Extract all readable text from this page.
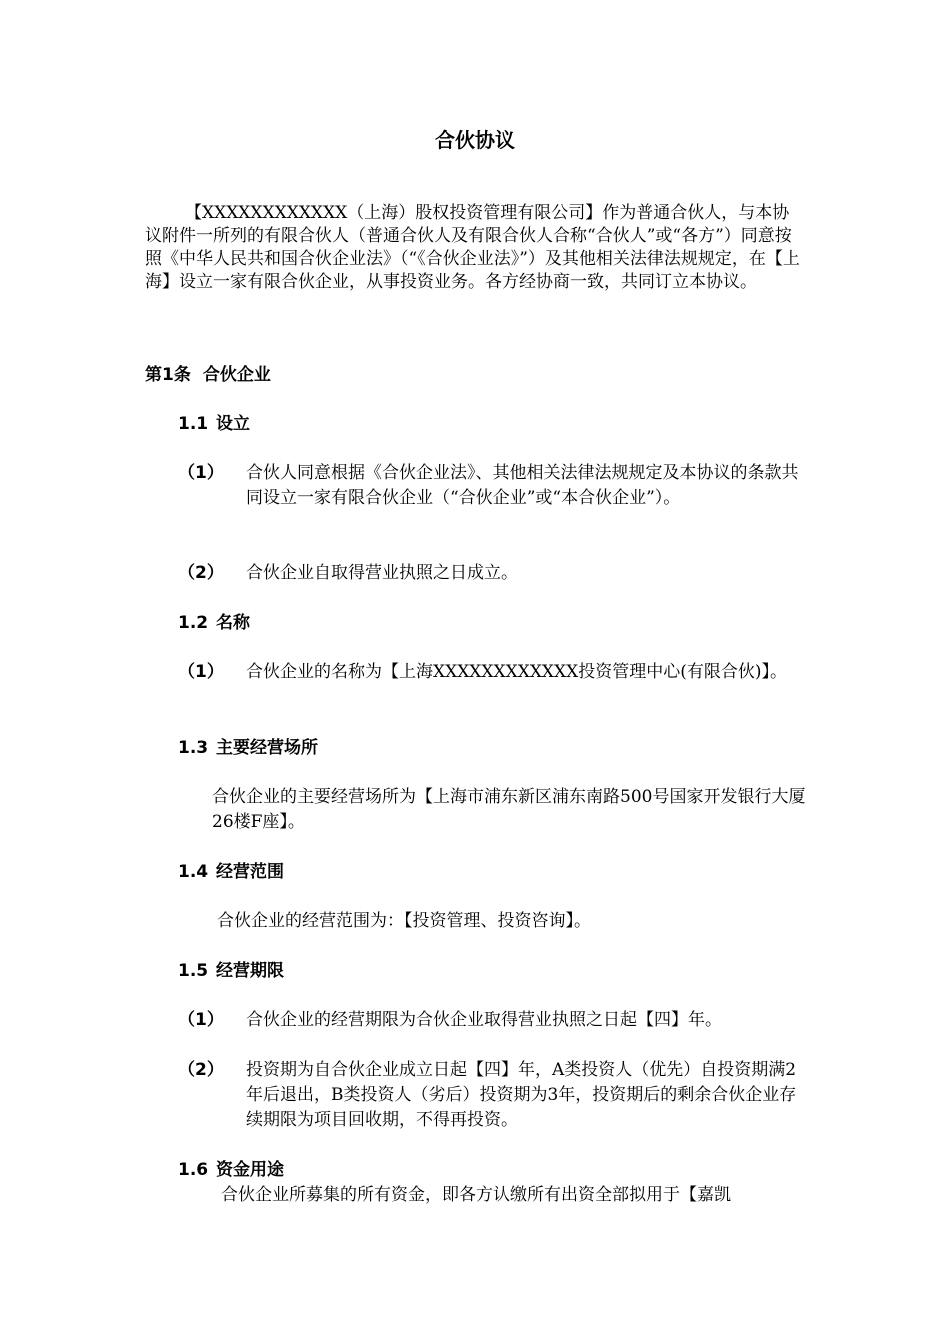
合伙协议

【XXXXXXXXXXXX（上海）股权投资管理有限公司】作为普通合伙人，与本协议附件一所列的有限合伙人（普通合伙人及有限合伙人合称“合伙人”或“各方”）同意按照《中华人民共和国合伙企业法》（“《合伙企业法》”）及其他相关法律法规规定，在【上海】设立一家有限合伙企业，从事投资业务。各方经协商一致，共同订立本协议。

第1条 合伙企业
1.1 设立
（1） 合伙人同意根据《合伙企业法》、其他相关法律法规规定及本协议的条款共同设立一家有限合伙企业（“合伙企业”或“本合伙企业”）。
（2） 合伙企业自取得营业执照之日成立。
1.2 名称
（1） 合伙企业的名称为【上海XXXXXXXXXXXX投资管理中心(有限合伙)】。
1.3 主要经营场所

合伙企业的主要经营场所为【上海市浦东新区浦东南路500号国家开发银行大厦26楼F座】。

1.4 经营范围

合伙企业的经营范围为：【投资管理、投资咨询】。

1.5 经营期限
（1） 合伙企业的经营期限为合伙企业取得营业执照之日起【四】年。
（2） 投资期为自合伙企业成立日起【四】年，A类投资人（优先）自投资期满2年后退出，B类投资人（劣后）投资期为3年，投资期后的剩余合伙企业存续期限为项目回收期，不得再投资。
1.6 资金用途

合伙企业所募集的所有资金，即各方认缴所有出资全部拟用于【嘉凯
